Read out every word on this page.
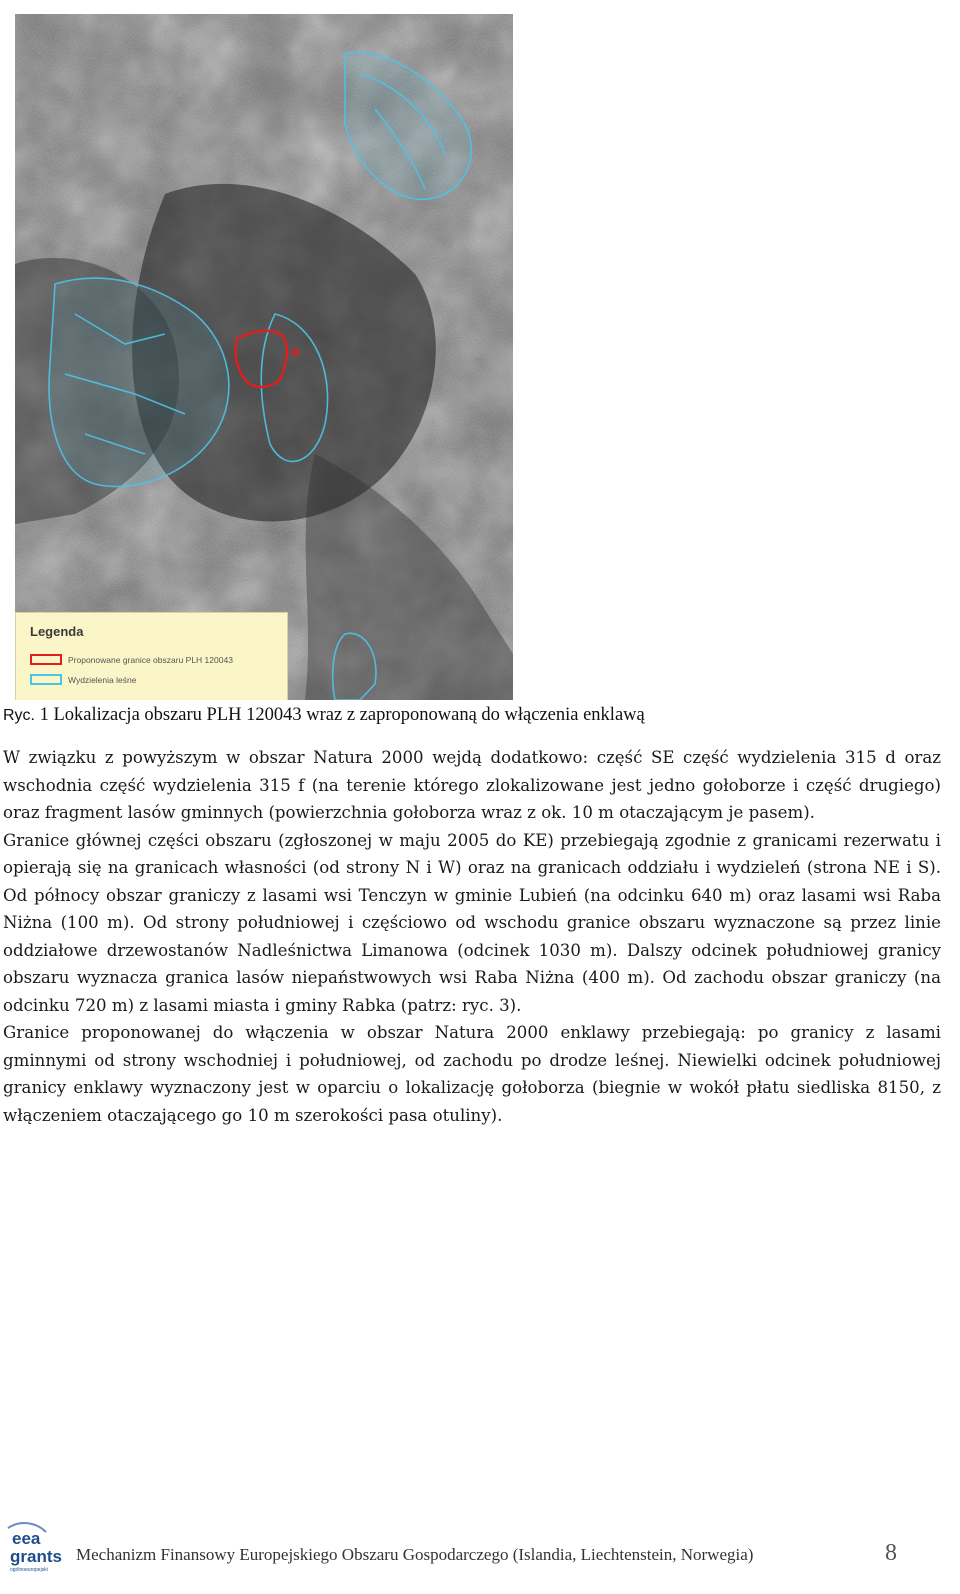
a
Legenda
Proponowane granice obszaru PLH 120043
Wydzielenia leśne
Ryc. 1 Lokalizacja obszaru PLH 120043 wraz z zaproponowaną do włączenia enklawą

W związku z powyższym w obszar Natura 2000 wejdą dodatkowo: część SE część wydzielenia 315 d oraz wschodnia część wydzielenia 315 f (na terenie którego zlokalizowane jest jedno gołoborze i część drugiego) oraz fragment lasów gminnych (powierzchnia gołoborza wraz z ok. 10 m otaczającym je pasem).

Granice głównej części obszaru (zgłoszonej w maju 2005 do KE) przebiegają zgodnie z granicami rezerwatu i opierają się na granicach własności (od strony N i W) oraz na granicach oddziału i wydzieleń (strona NE i S). Od północy obszar graniczy z lasami wsi Tenczyn w gminie Lubień (na odcinku 640 m) oraz lasami wsi Raba Niżna (100 m). Od strony południowej i częściowo od wschodu granice obszaru wyznaczone są przez linie oddziałowe drzewostanów Nadleśnictwa Limanowa (odcinek 1030 m). Dalszy odcinek południowej granicy obszaru wyznacza granica lasów niepaństwowych wsi Raba Niżna (400 m). Od zachodu obszar graniczy (na odcinku 720 m) z lasami miasta i gminy Rabka (patrz: ryc. 3).

Granice proponowanej do włączenia w obszar Natura 2000 enklawy przebiegają: po granicy z lasami gminnymi od strony wschodniej i południowej, od zachodu po drodze leśnej. Niewielki odcinek południowej granicy enklawy wyznaczony jest w oparciu o lokalizację gołoborza (biegnie w wokół płatu siedliska 8150, z włączeniem otaczającego go 10 m szerokości pasa otuliny).

eea
grants
ogólnoeuropejski
Mechanizm Finansowy Europejskiego Obszaru Gospodarczego (Islandia, Liechtenstein, Norwegia)	8
